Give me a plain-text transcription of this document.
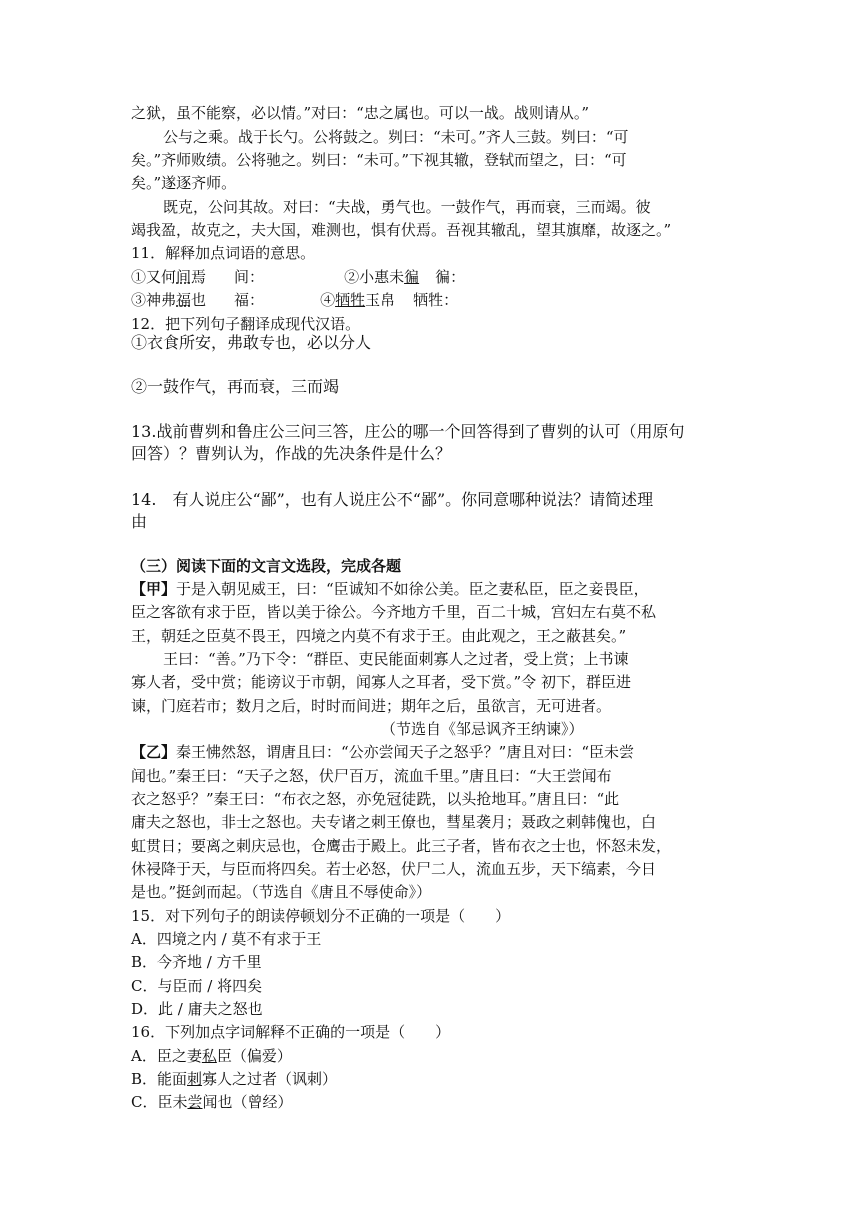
之狱，虽不能察，必以情。”对曰：“忠之属也。可以一战。战则请从。”
公与之乘。战于长勺。公将鼓之。刿曰：“未可。”齐人三鼓。刿曰：“可
矣。”齐师败绩。公将驰之。刿曰：“未可。”下视其辙，登轼而望之，曰：“可
矣。”遂逐齐师。
既克，公问其故。对曰：“夫战，勇气也。一鼓作气，再而衰，三而竭。彼
竭我盈，故克之，夫大国，难测也，惧有伏焉。吾视其辙乱，望其旗靡，故逐之。”
11．解释加点词语的意思。
①又何间焉 间：	②小惠未徧 徧：
③神弗福也 福：	④牺牲玉帛 牺牲：
12．把下列句子翻译成现代汉语。
①衣食所安，弗敢专也，必以分人
②一鼓作气，再而衰，三而竭
13.战前曹刿和鲁庄公三问三答，庄公的哪一个回答得到了曹刿的认可（用原句
回答）？曹刿认为，作战的先决条件是什么？
14.　有人说庄公“鄙”，也有人说庄公不“鄙”。你同意哪种说法？请简述理
由
（三）阅读下面的文言文选段，完成各题
【甲】于是入朝见威王，曰：“臣诚知不如徐公美。臣之妻私臣，臣之妾畏臣，
臣之客欲有求于臣，皆以美于徐公。今齐地方千里，百二十城，宫妇左右莫不私
王，朝廷之臣莫不畏王，四境之内莫不有求于王。由此观之，王之蔽甚矣。”
王曰：“善。”乃下令：“群臣、吏民能面刺寡人之过者，受上赏；上书谏
寡人者，受中赏；能谤议于市朝，闻寡人之耳者，受下赏。”令 初下，群臣进
谏，门庭若市；数月之后，时时而间进；期年之后，虽欲言，无可进者。
（节选自《邹忌讽齐王纳谏》）
【乙】秦王怫然怒，谓唐且曰：“公亦尝闻天子之怒乎？”唐且对曰：“臣未尝
闻也。”秦王曰：“天子之怒，伏尸百万，流血千里。”唐且曰：“大王尝闻布
衣之怒乎？”秦王曰：“布衣之怒，亦免冠徒跣，以头抢地耳。”唐且曰：“此
庸夫之怒也，非士之怒也。夫专诸之刺王僚也，彗星袭月；聂政之刺韩傀也，白
虹贯日；要离之刺庆忌也，仓鹰击于殿上。此三子者，皆布衣之士也，怀怒未发，
休祲降于天，与臣而将四矣。若士必怒，伏尸二人，流血五步，天下缟素，今日
是也。”挺剑而起。（节选自《唐且不辱使命》）
15．对下列句子的朗读停顿划分不正确的一项是（　　）
A．四境之内 / 莫不有求于王
B．今齐地 / 方千里
C．与臣而 / 将四矣
D．此 / 庸夫之怒也
16．下列加点字词解释不正确的一项是（　　）
A．臣之妻私臣（偏爱）
B．能面刺寡人之过者（讽刺）
C．臣未尝闻也（曾经）
